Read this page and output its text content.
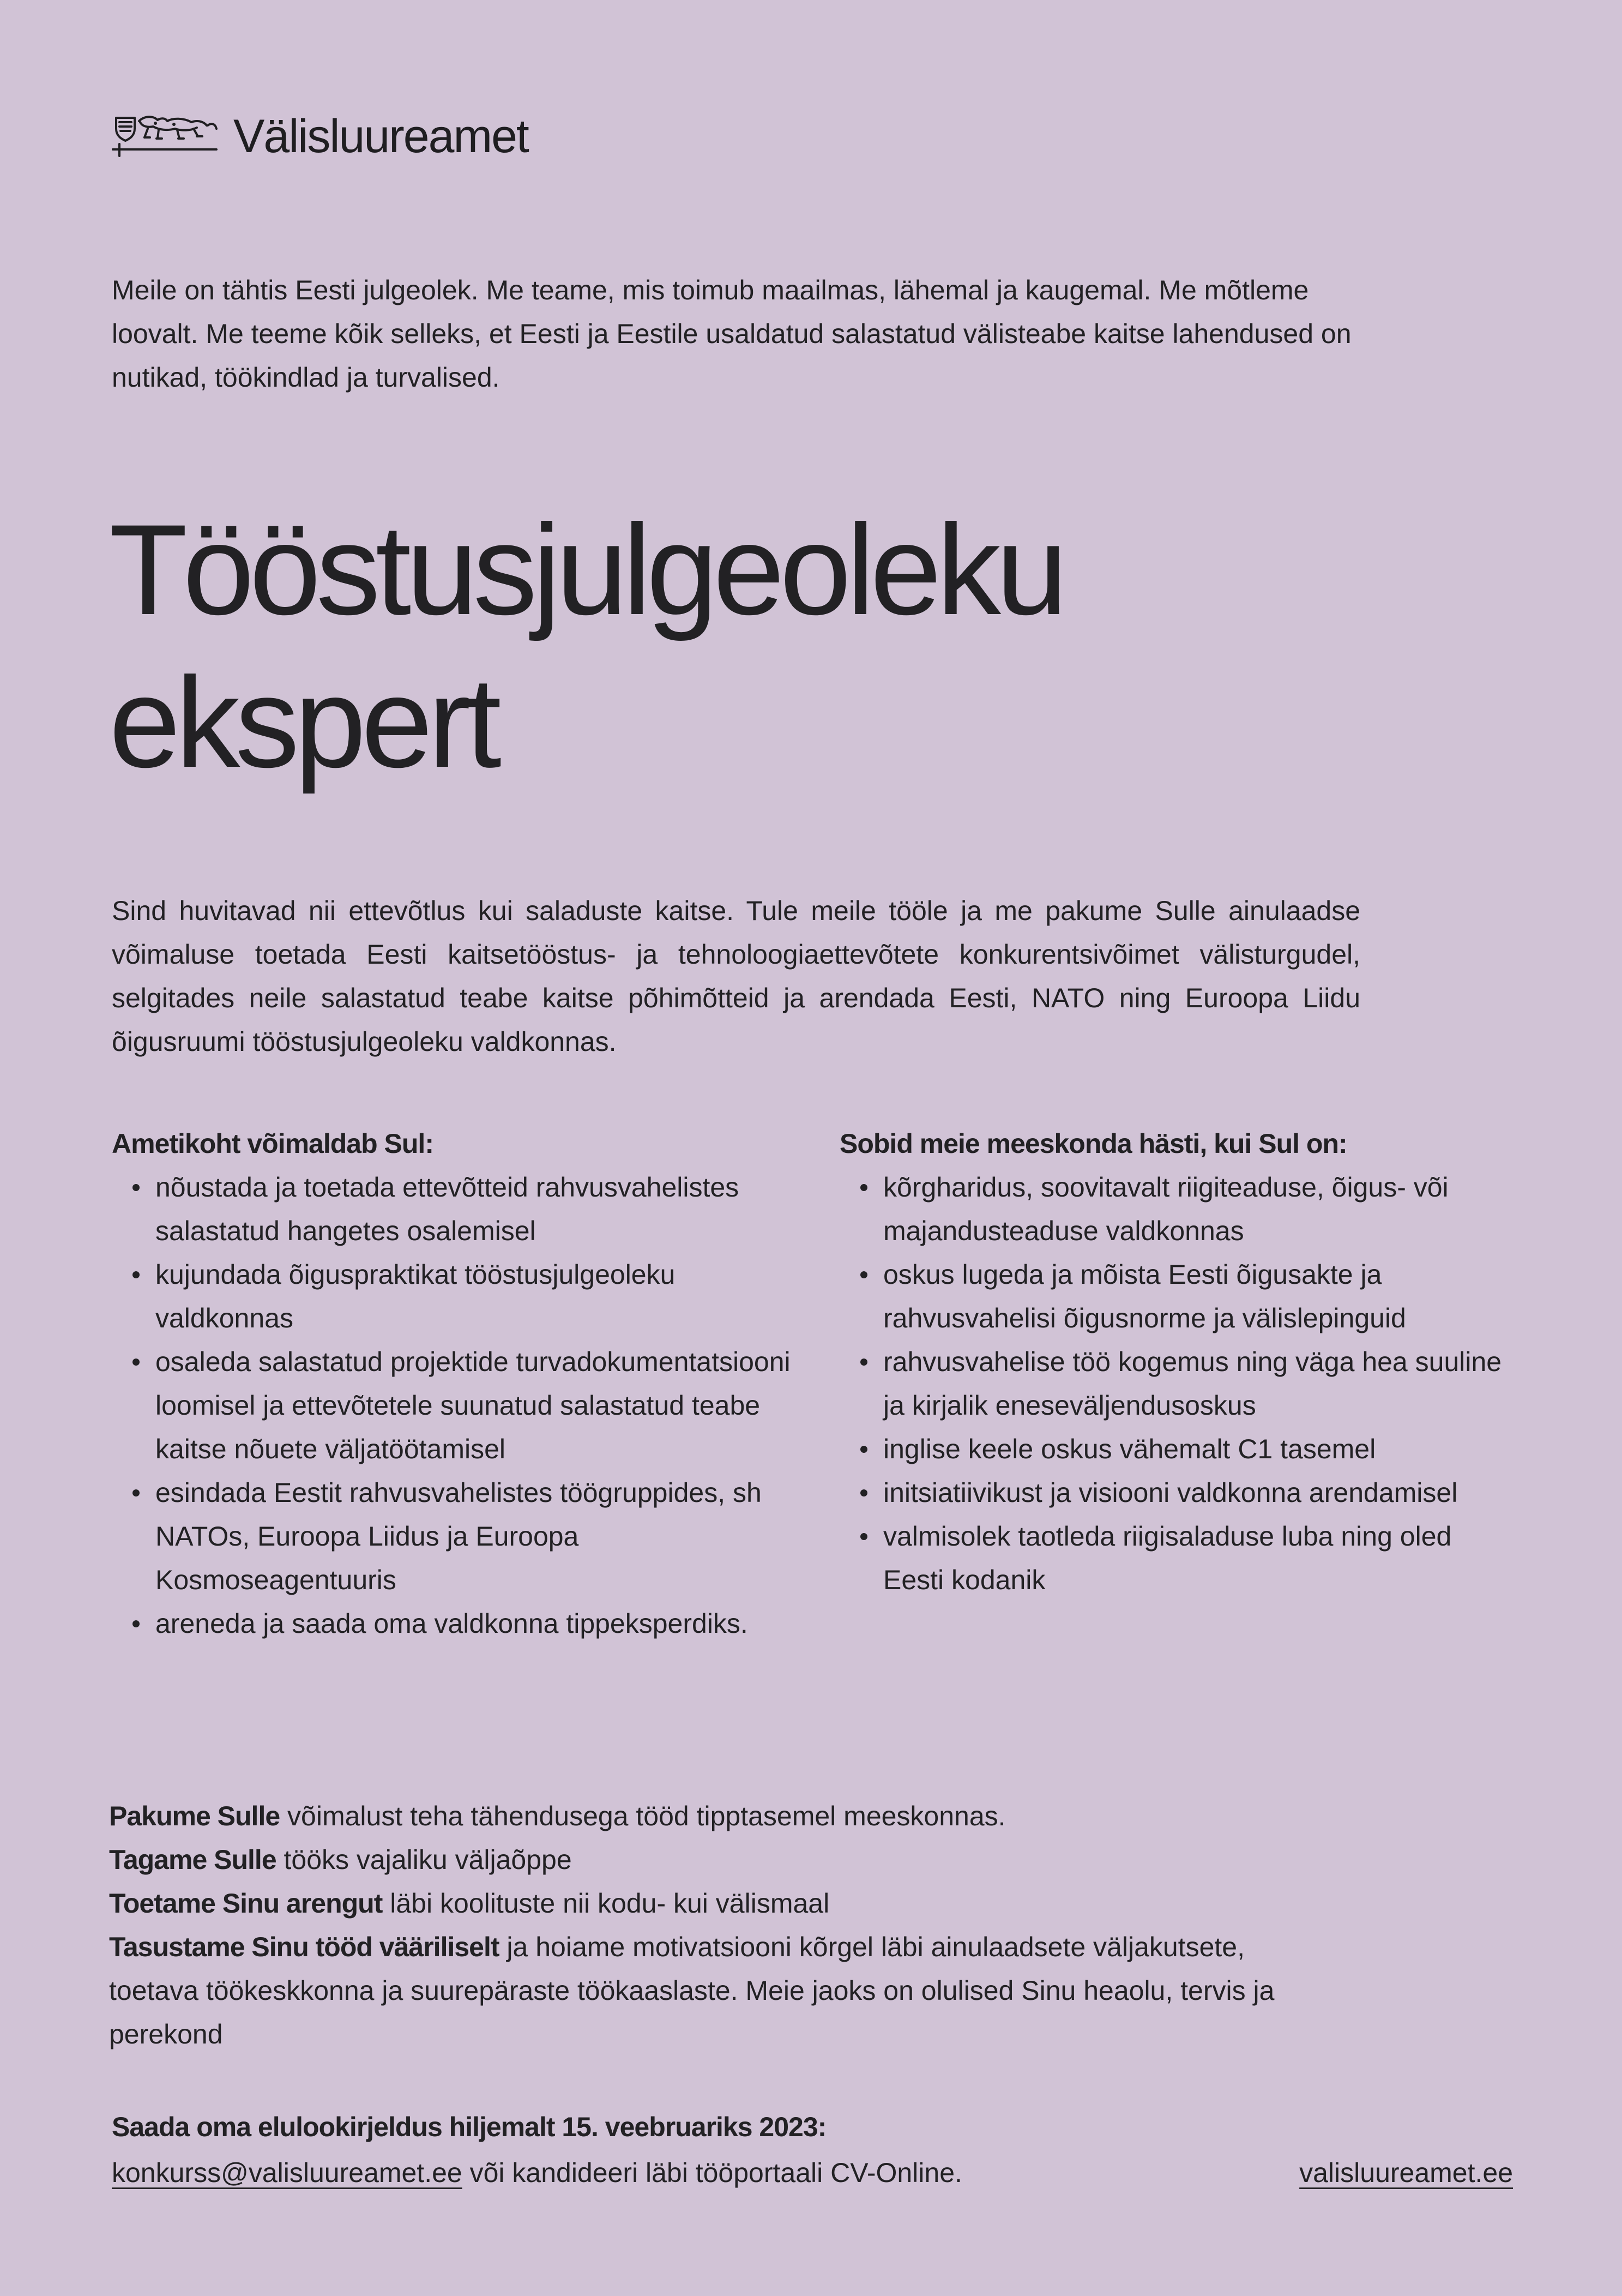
Välisluureamet

Meile on tähtis Eesti julgeolek. Me teame, mis toimub maailmas, lähemal ja kaugemal. Me mõtleme loovalt. Me teeme kõik selleks, et Eesti ja Eestile usaldatud salastatud välisteabe kaitse lahendused on nutikad, töökindlad ja turvalised.

Tööstusjulgeoleku
ekspert

Sind huvitavad nii ettevõtlus kui saladuste kaitse. Tule meile tööle ja me pakume Sulle ainulaadse võimaluse toetada Eesti kaitsetööstus- ja tehnoloogiaettevõtete konkurentsivõimet välisturgudel, selgitades neile salastatud teabe kaitse põhimõtteid ja arendada Eesti, NATO ning Euroopa Liidu õigusruumi tööstusjulgeoleku valdkonnas.

Ametikoht võimaldab Sul:
nõustada ja toetada ettevõtteid rahvusvahelistes salastatud hangetes osalemisel
kujundada õiguspraktikat tööstusjulgeoleku valdkonnas
osaleda salastatud projektide turvadokumentatsiooni loomisel ja ettevõtetele suunatud salastatud teabe kaitse nõuete väljatöötamisel
esindada Eestit rahvusvahelistes töögruppides, sh NATOs, Euroopa Liidus ja Euroopa Kosmoseagentuuris
areneda ja saada oma valdkonna tippeksperdiks.
Sobid meie meeskonda hästi, kui Sul on:
kõrgharidus, soovitavalt riigiteaduse, õigus- või majandusteaduse valdkonnas
oskus lugeda ja mõista Eesti õigusakte ja rahvusvahelisi õigusnorme ja välislepinguid
rahvusvahelise töö kogemus ning väga hea suuline ja kirjalik eneseväljendusoskus
inglise keele oskus vähemalt C1 tasemel
initsiatiivikust ja visiooni valdkonna arendamisel
valmisolek taotleda riigisaladuse luba ning oled Eesti kodanik

Pakume Sulle võimalust teha tähendusega tööd tipptasemel meeskonnas.

Tagame Sulle tööks vajaliku väljaõppe

Toetame Sinu arengut läbi koolituste nii kodu- kui välismaal

Tasustame Sinu tööd vääriliselt ja hoiame motivatsiooni kõrgel läbi ainulaadsete väljakutsete, toetava töökeskkonna ja suurepäraste töökaaslaste. Meie jaoks on olulised Sinu heaolu, tervis ja perekond

Saada oma elulookirjeldus hiljemalt 15. veebruariks 2023:
konkurss@valisluureamet.ee või kandideeri läbi tööportaali CV-Online.	valisluureamet.ee
